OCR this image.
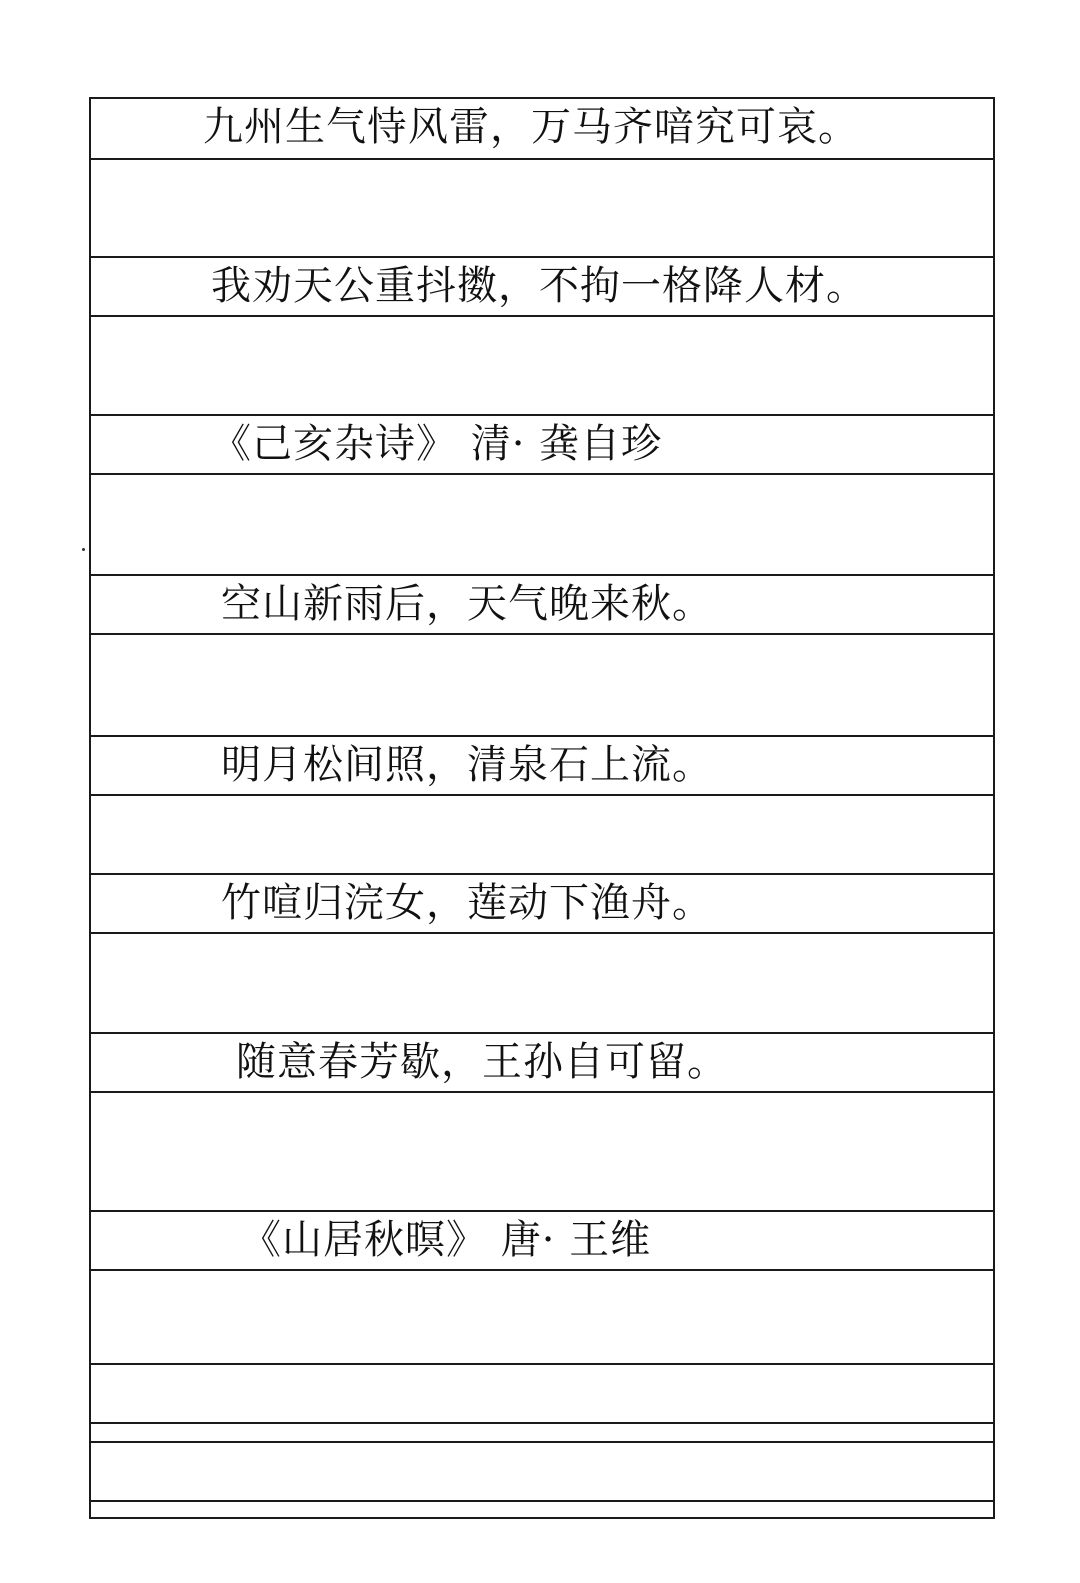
九州生气恃风雷，万马齐喑究可哀。
我劝天公重抖擞，不拘一格降人材。
《己亥杂诗》 清· 龚自珍
空山新雨后，天气晚来秋。
明月松间照，清泉石上流。
竹喧归浣女，莲动下渔舟。
随意春芳歇，王孙自可留。
《山居秋暝》 唐· 王维
